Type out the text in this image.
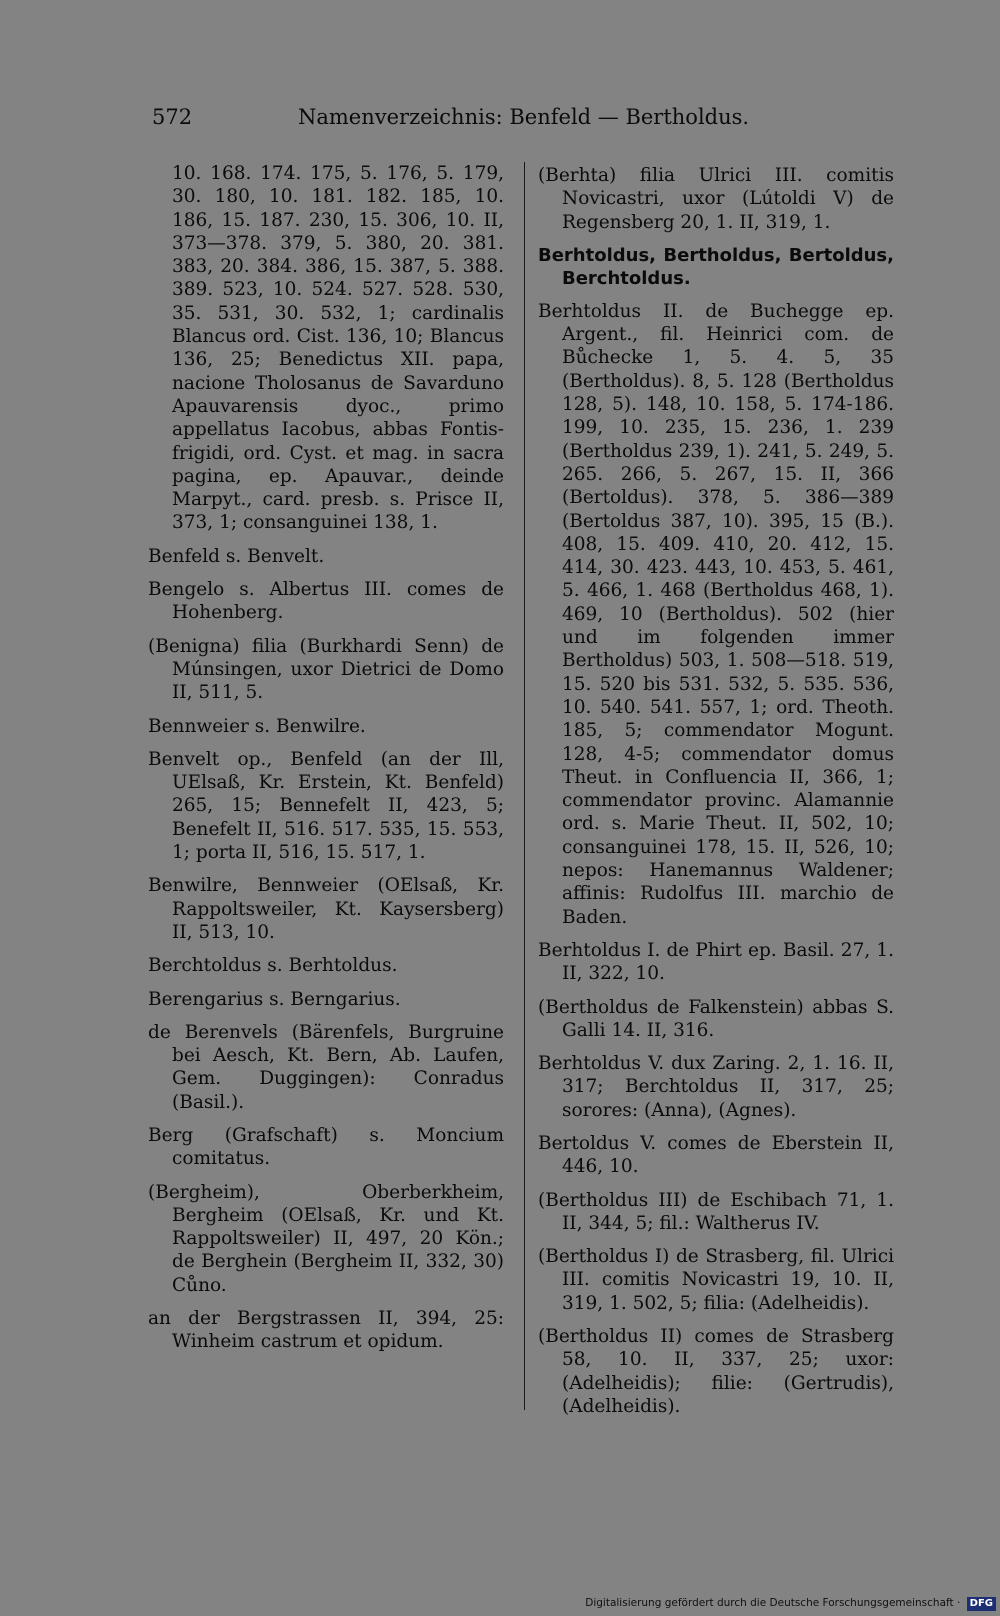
572	Namenverzeichnis: Benfeld — Bertholdus.
10. 168. 174. 175, 5. 176, 5. 179, 30. 180, 10. 181. 182. 185, 10. 186, 15. 187. 230, 15. 306, 10. II, 373—378. 379, 5. 380, 20. 381. 383, 20. 384. 386, 15. 387, 5. 388. 389. 523, 10. 524. 527. 528. 530, 35. 531, 30. 532, 1; cardinalis Blancus ord. Cist. 136, 10; Blancus 136, 25; Benedictus XII. papa, nacione Tholosanus de Savarduno Apauvarensis dyoc., primo appellatus Iacobus, abbas Fontis-frigidi, ord. Cyst. et mag. in sacra pagina, ep. Apauvar., deinde Marpyt., card. presb. s. Prisce II, 373, 1; consanguinei 138, 1.
Benfeld s. Benvelt.
Bengelo s. Albertus III. comes de Hohenberg.
(Benigna) filia (Burkhardi Senn) de Múnsingen, uxor Dietrici de Domo II, 511, 5.
Bennweier s. Benwilre.
Benvelt op., Benfeld (an der Ill, UElsaß, Kr. Erstein, Kt. Benfeld) 265, 15; Bennefelt II, 423, 5; Benefelt II, 516. 517. 535, 15. 553, 1; porta II, 516, 15. 517, 1.
Benwilre, Bennweier (OElsaß, Kr. Rappoltsweiler, Kt. Kaysersberg) II, 513, 10.
Berchtoldus s. Berhtoldus.
Berengarius s. Berngarius.
de Berenvels (Bärenfels, Burgruine bei Aesch, Kt. Bern, Ab. Laufen, Gem. Duggingen): Conradus (Basil.).
Berg (Grafschaft) s. Moncium comitatus.
(Bergheim), Oberberkheim, Bergheim (OElsaß, Kr. und Kt. Rappoltsweiler) II, 497, 20 Kön.; de Berghein (Bergheim II, 332, 30) Cůno.
an der Bergstrassen II, 394, 25: Winheim castrum et opidum.
(Berhta) filia Ulrici III. comitis Novicastri, uxor (Lútoldi V) de Regensberg 20, 1. II, 319, 1.
Berhtoldus, Bertholdus, Bertoldus, Berchtoldus.
Berhtoldus II. de Buchegge ep. Argent., fil. Heinrici com. de Bůchecke 1, 5. 4. 5, 35 (Bertholdus). 8, 5. 128 (Bertholdus 128, 5). 148, 10. 158, 5. 174-186. 199, 10. 235, 15. 236, 1. 239 (Bertholdus 239, 1). 241, 5. 249, 5. 265. 266, 5. 267, 15. II, 366 (Bertoldus). 378, 5. 386—389 (Bertoldus 387, 10). 395, 15 (B.). 408, 15. 409. 410, 20. 412, 15. 414, 30. 423. 443, 10. 453, 5. 461, 5. 466, 1. 468 (Bertholdus 468, 1). 469, 10 (Bertholdus). 502 (hier und im folgenden immer Bertholdus) 503, 1. 508—518. 519, 15. 520 bis 531. 532, 5. 535. 536, 10. 540. 541. 557, 1; ord. Theoth. 185, 5; commendator Mogunt. 128, 4-5; commendator domus Theut. in Confluencia II, 366, 1; commendator provinc. Alamannie ord. s. Marie Theut. II, 502, 10; consanguinei 178, 15. II, 526, 10; nepos: Hanemannus Waldener; affinis: Rudolfus III. marchio de Baden.
Berhtoldus I. de Phirt ep. Basil. 27, 1. II, 322, 10.
(Bertholdus de Falkenstein) abbas S. Galli 14. II, 316.
Berhtoldus V. dux Zaring. 2, 1. 16. II, 317; Berchtoldus II, 317, 25; sorores: (Anna), (Agnes).
Bertoldus V. comes de Eberstein II, 446, 10.
(Bertholdus III) de Eschibach 71, 1. II, 344, 5; fil.: Waltherus IV.
(Bertholdus I) de Strasberg, fil. Ulrici III. comitis Novicastri 19, 10. II, 319, 1. 502, 5; filia: (Adelheidis).
(Bertholdus II) comes de Strasberg 58, 10. II, 337, 25; uxor: (Adelheidis); filie: (Gertrudis), (Adelheidis).
Digitalisierung gefördert durch die Deutsche Forschungsgemeinschaft · DFG
